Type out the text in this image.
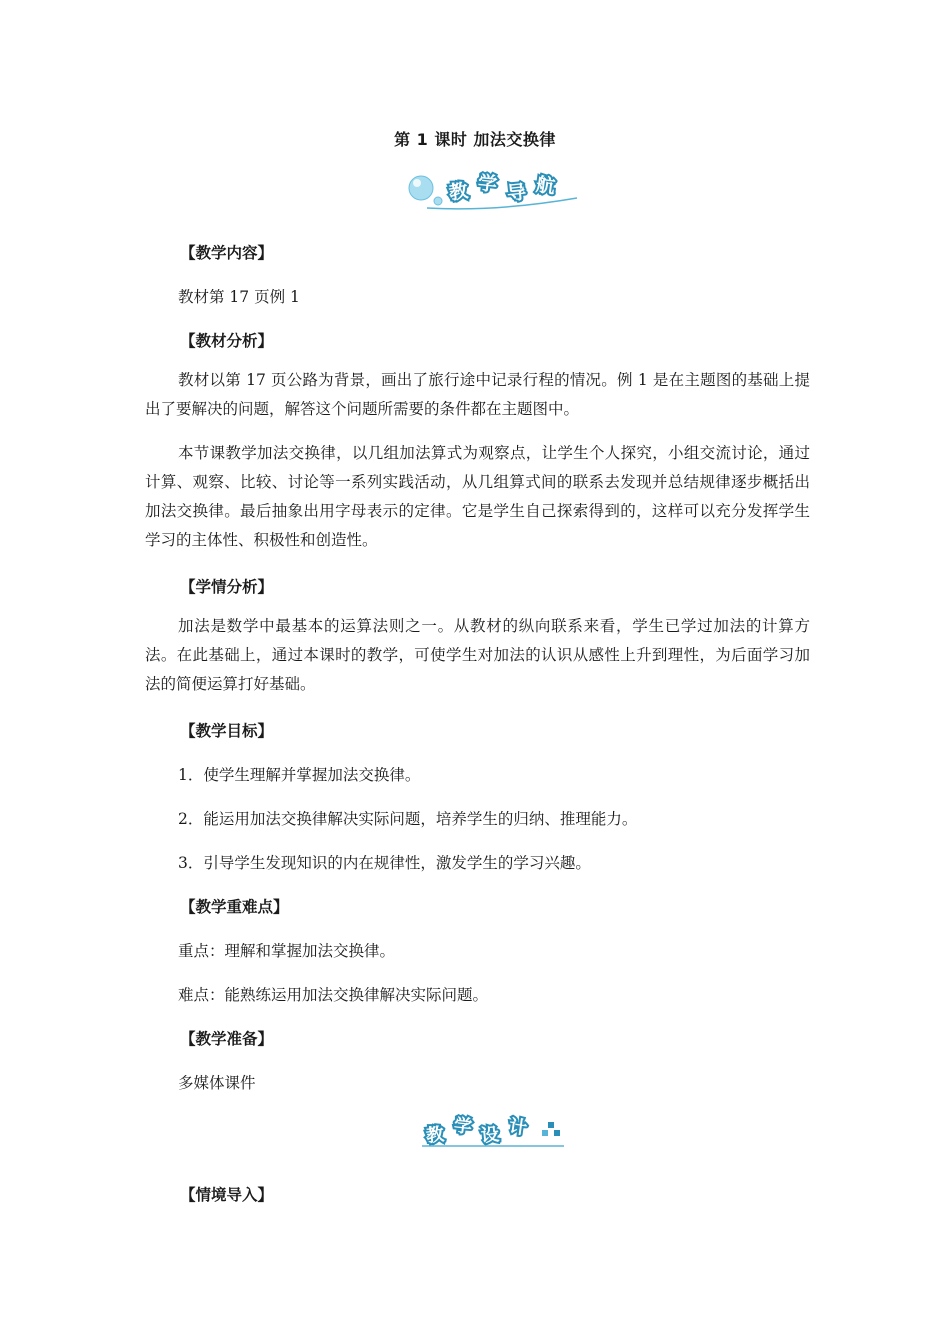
第 1 课时 加法交换律
教 学 导 航
【教学内容】
教材第 17 页例 1
【教材分析】
教材以第 17 页公路为背景，画出了旅行途中记录行程的情况。例 1 是在主题图的基础上提出了要解决的问题，解答这个问题所需要的条件都在主题图中。
本节课教学加法交换律，以几组加法算式为观察点，让学生个人探究，小组交流讨论，通过计算、观察、比较、讨论等一系列实践活动，从几组算式间的联系去发现并总结规律逐步概括出加法交换律。最后抽象出用字母表示的定律。它是学生自己探索得到的，这样可以充分发挥学生学习的主体性、积极性和创造性。
【学情分析】
加法是数学中最基本的运算法则之一。从教材的纵向联系来看，学生已学过加法的计算方法。在此基础上，通过本课时的教学，可使学生对加法的认识从感性上升到理性，为后面学习加法的简便运算打好基础。
【教学目标】
1．使学生理解并掌握加法交换律。
2．能运用加法交换律解决实际问题，培养学生的归纳、推理能力。
3．引导学生发现知识的内在规律性，激发学生的学习兴趣。
【教学重难点】
重点：理解和掌握加法交换律。
难点：能熟练运用加法交换律解决实际问题。
【教学准备】
多媒体课件
教 学 设 计
【情境导入】
